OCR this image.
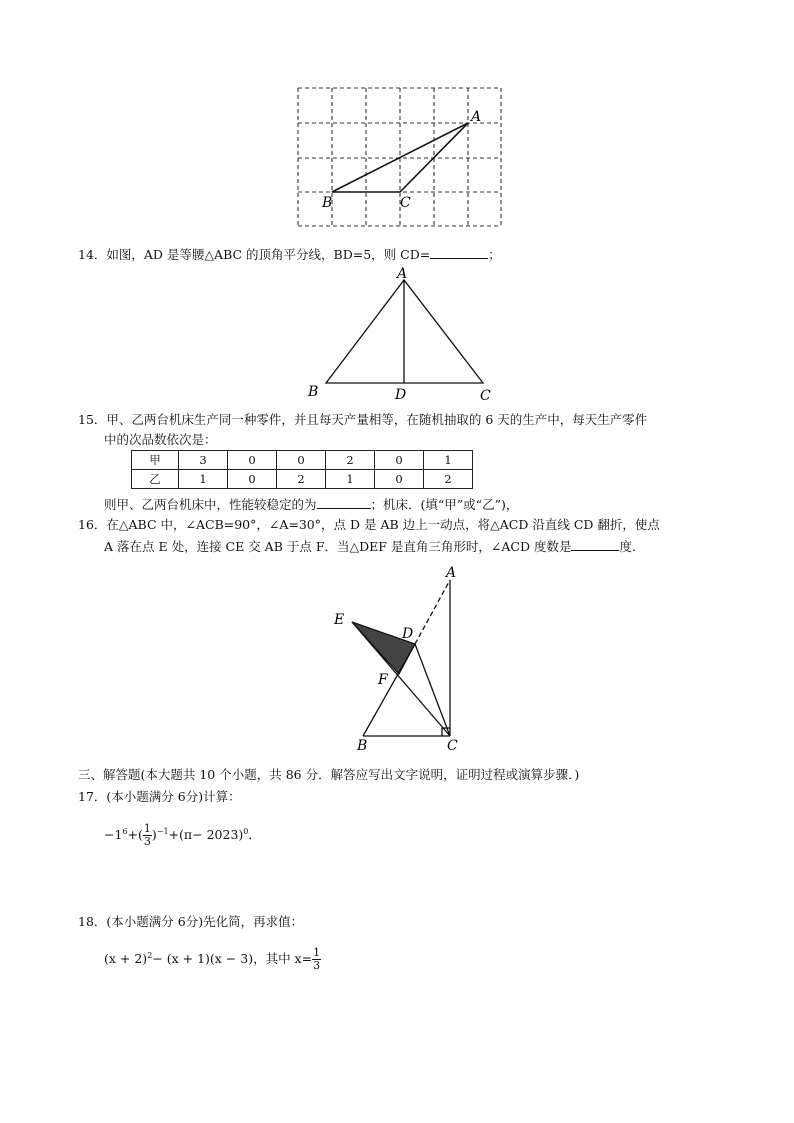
A
B	C
14．如图，AD 是等腰△ABC 的顶角平分线，BD=5，则 CD=	；
A
B	D	C
15．甲、乙两台机床生产同一种零件，并且每天产量相等，在随机抽取的 6 天的生产中，每天生产零件
中的次品数依次是：
甲	3	0	0	2	0	1
乙	1	0	2	1	0	2
则甲、乙两台机床中，性能较稳定的为	；机床．(填“甲”或“乙”)，
16．在△ABC 中，∠ACB=90°，∠A=30°，点 D 是 AB 边上一动点，将△ACD 沿直线 CD 翻折，使点
A 落在点 E 处，连接 CE 交 AB 于点 F．当△DEF 是直角三角形时，∠ACD 度数是	度．
A
E
D
F
B	C
三、解答题(本大题共 10 个小题，共 86 分．解答应写出文字说明，证明过程或演算步骤．)
17．(本小题满分 6分)计算：
$-1^6+( \frac{1}{3} )^{-1}+(\pi- 2023)^0$．
18．(本小题满分 6分)先化简，再求值：
$(x + 2)^2- (x + 1)(x - 3)$，其中 $x= \frac{1}{3}$
